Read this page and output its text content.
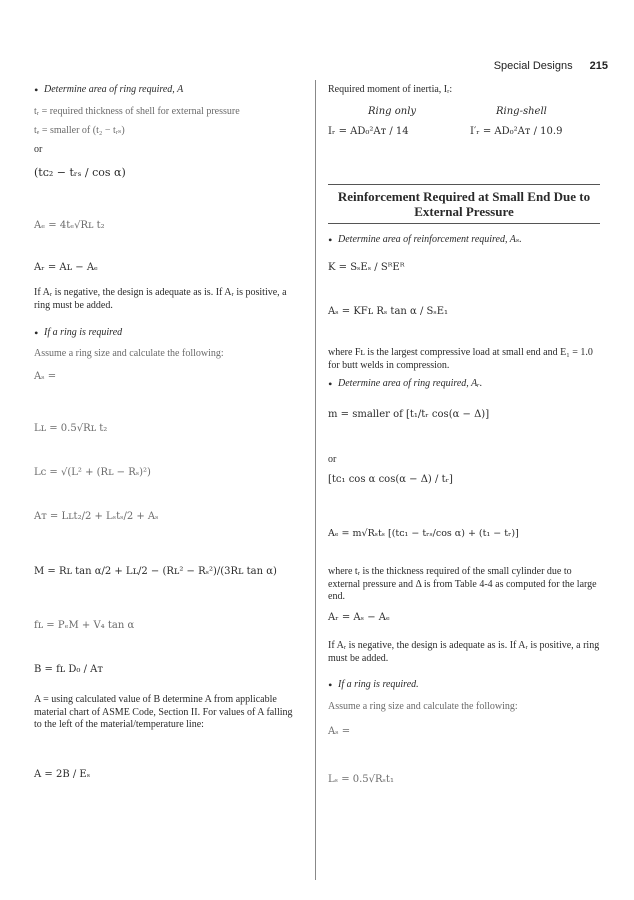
Special Designs 215

• Determine area of ring required, A

tᵣ = required thickness of shell for external pressure

tₑ = smaller of (t₂ − tᵣₛ)

or

(tᴄ₂ − tᵣₛ / cos α)
Aₑ = 4tₑ√Rʟ t₂
Aᵣ = Aʟ − Aₑ

If Aᵣ is negative, the design is adequate as is. If Aᵣ is positive, a ring must be added.

• If a ring is required

Assume a ring size and calculate the following:

Aₛ =
Lʟ = 0.5√Rʟ t₂
Lᴄ = √(L² + (Rʟ − Rₛ)²)
Aᴛ = Lʟt₂/2 + Lₛtₛ/2 + Aₛ
M = Rʟ tan α/2 + Lʟ/2 − (Rʟ² − Rₛ²)/(3Rʟ tan α)
fʟ = PₑM + V₄ tan α
B = fʟ D₀ / Aᴛ

A = using calculated value of B determine A from applicable material chart of ASME Code, Section II. For values of A falling to the left of the material/temperature line:

A = 2B / Eₛ

Required moment of inertia, Iᵣ:

Ring only	Ring-shell
Iᵣ = AD₀²Aᴛ / 14	I′ᵣ = AD₀²Aᴛ / 10.9
Reinforcement Required at Small End Due to External Pressure

• Determine area of reinforcement required, Aₛ.

K = SₛEₛ / SᴿEᴿ
Aₛ = KFʟ Rₛ tan α / SₛE₁

where Fʟ is the largest compressive load at small end and E₁ = 1.0 for butt welds in compression.

• Determine area of ring required, Aᵣ.

m = smaller of [t₁/tᵣ cos(α − Δ)]

or

[tᴄ₁ cos α cos(α − Δ) / tᵣ]
Aₑ = m√Rₛtₛ [(tᴄ₁ − tᵣₛ/cos α) + (t₁ − tᵣ)]

where tᵣ is the thickness required of the small cylinder due to external pressure and Δ is from Table 4-4 as computed for the large end.

Aᵣ = Aₛ − Aₑ

If Aᵣ is negative, the design is adequate as is. If Aᵣ is positive, a ring must be added.

• If a ring is required.

Assume a ring size and calculate the following:

Aₛ =
Lₛ = 0.5√Rₛt₁
